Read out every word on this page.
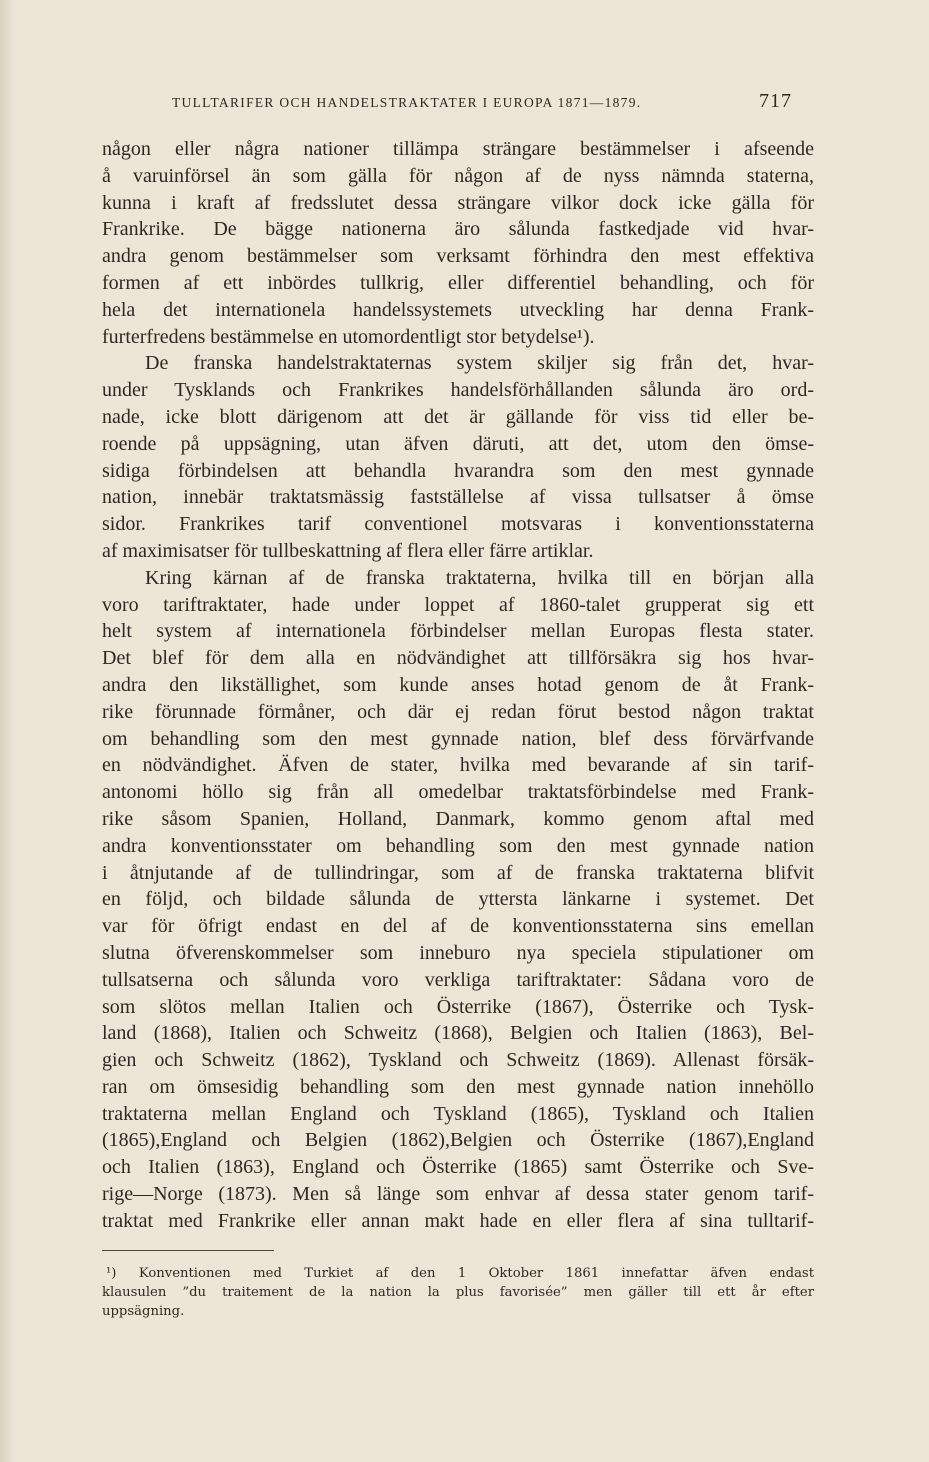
TULLTARIFER OCH HANDELSTRAKTATER I EUROPA 1871—1879.	717
någon eller några nationer tillämpa strängare bestämmelser i afseende
å varuinförsel än som gälla för någon af de nyss nämnda staterna,
kunna i kraft af fredsslutet dessa strängare vilkor dock icke gälla för
Frankrike. De bägge nationerna äro sålunda fastkedjade vid hvar-
andra genom bestämmelser som verksamt förhindra den mest effektiva
formen af ett inbördes tullkrig, eller differentiel behandling, och för
hela det internationela handelssystemets utveckling har denna Frank-
furterfredens bestämmelse en utomordentligt stor betydelse¹).
De franska handelstraktaternas system skiljer sig från det, hvar-
under Tysklands och Frankrikes handelsförhållanden sålunda äro ord-
nade, icke blott därigenom att det är gällande för viss tid eller be-
roende på uppsägning, utan äfven däruti, att det, utom den ömse-
sidiga förbindelsen att behandla hvarandra som den mest gynnade
nation, innebär traktatsmässig fastställelse af vissa tullsatser å ömse
sidor. Frankrikes tarif conventionel motsvaras i konventionsstaterna
af maximisatser för tullbeskattning af flera eller färre artiklar.
Kring kärnan af de franska traktaterna, hvilka till en början alla
voro tariftraktater, hade under loppet af 1860-talet grupperat sig ett
helt system af internationela förbindelser mellan Europas flesta stater.
Det blef för dem alla en nödvändighet att tillförsäkra sig hos hvar-
andra den likställighet, som kunde anses hotad genom de åt Frank-
rike förunnade förmåner, och där ej redan förut bestod någon traktat
om behandling som den mest gynnade nation, blef dess förvärfvande
en nödvändighet. Äfven de stater, hvilka med bevarande af sin tarif-
antonomi höllo sig från all omedelbar traktatsförbindelse med Frank-
rike såsom Spanien, Holland, Danmark, kommo genom aftal med
andra konventionsstater om behandling som den mest gynnade nation
i åtnjutande af de tullindringar, som af de franska traktaterna blifvit
en följd, och bildade sålunda de yttersta länkarne i systemet. Det
var för öfrigt endast en del af de konventionsstaterna sins emellan
slutna öfverenskommelser som inneburo nya speciela stipulationer om
tullsatserna och sålunda voro verkliga tariftraktater: Sådana voro de
som slötos mellan Italien och Österrike (1867), Österrike och Tysk-
land (1868), Italien och Schweitz (1868), Belgien och Italien (1863), Bel-
gien och Schweitz (1862), Tyskland och Schweitz (1869). Allenast försäk-
ran om ömsesidig behandling som den mest gynnade nation innehöllo
traktaterna mellan England och Tyskland (1865), Tyskland och Italien
(1865),England och Belgien (1862),Belgien och Österrike (1867),England
och Italien (1863), England och Österrike (1865) samt Österrike och Sve-
rige—Norge (1873). Men så länge som enhvar af dessa stater genom tarif-
traktat med Frankrike eller annan makt hade en eller flera af sina tulltarif-
¹) Konventionen med Turkiet af den 1 Oktober 1861 innefattar äfven endast
klausulen ”du traitement de la nation la plus favorisée” men gäller till ett år efter
uppsägning.
